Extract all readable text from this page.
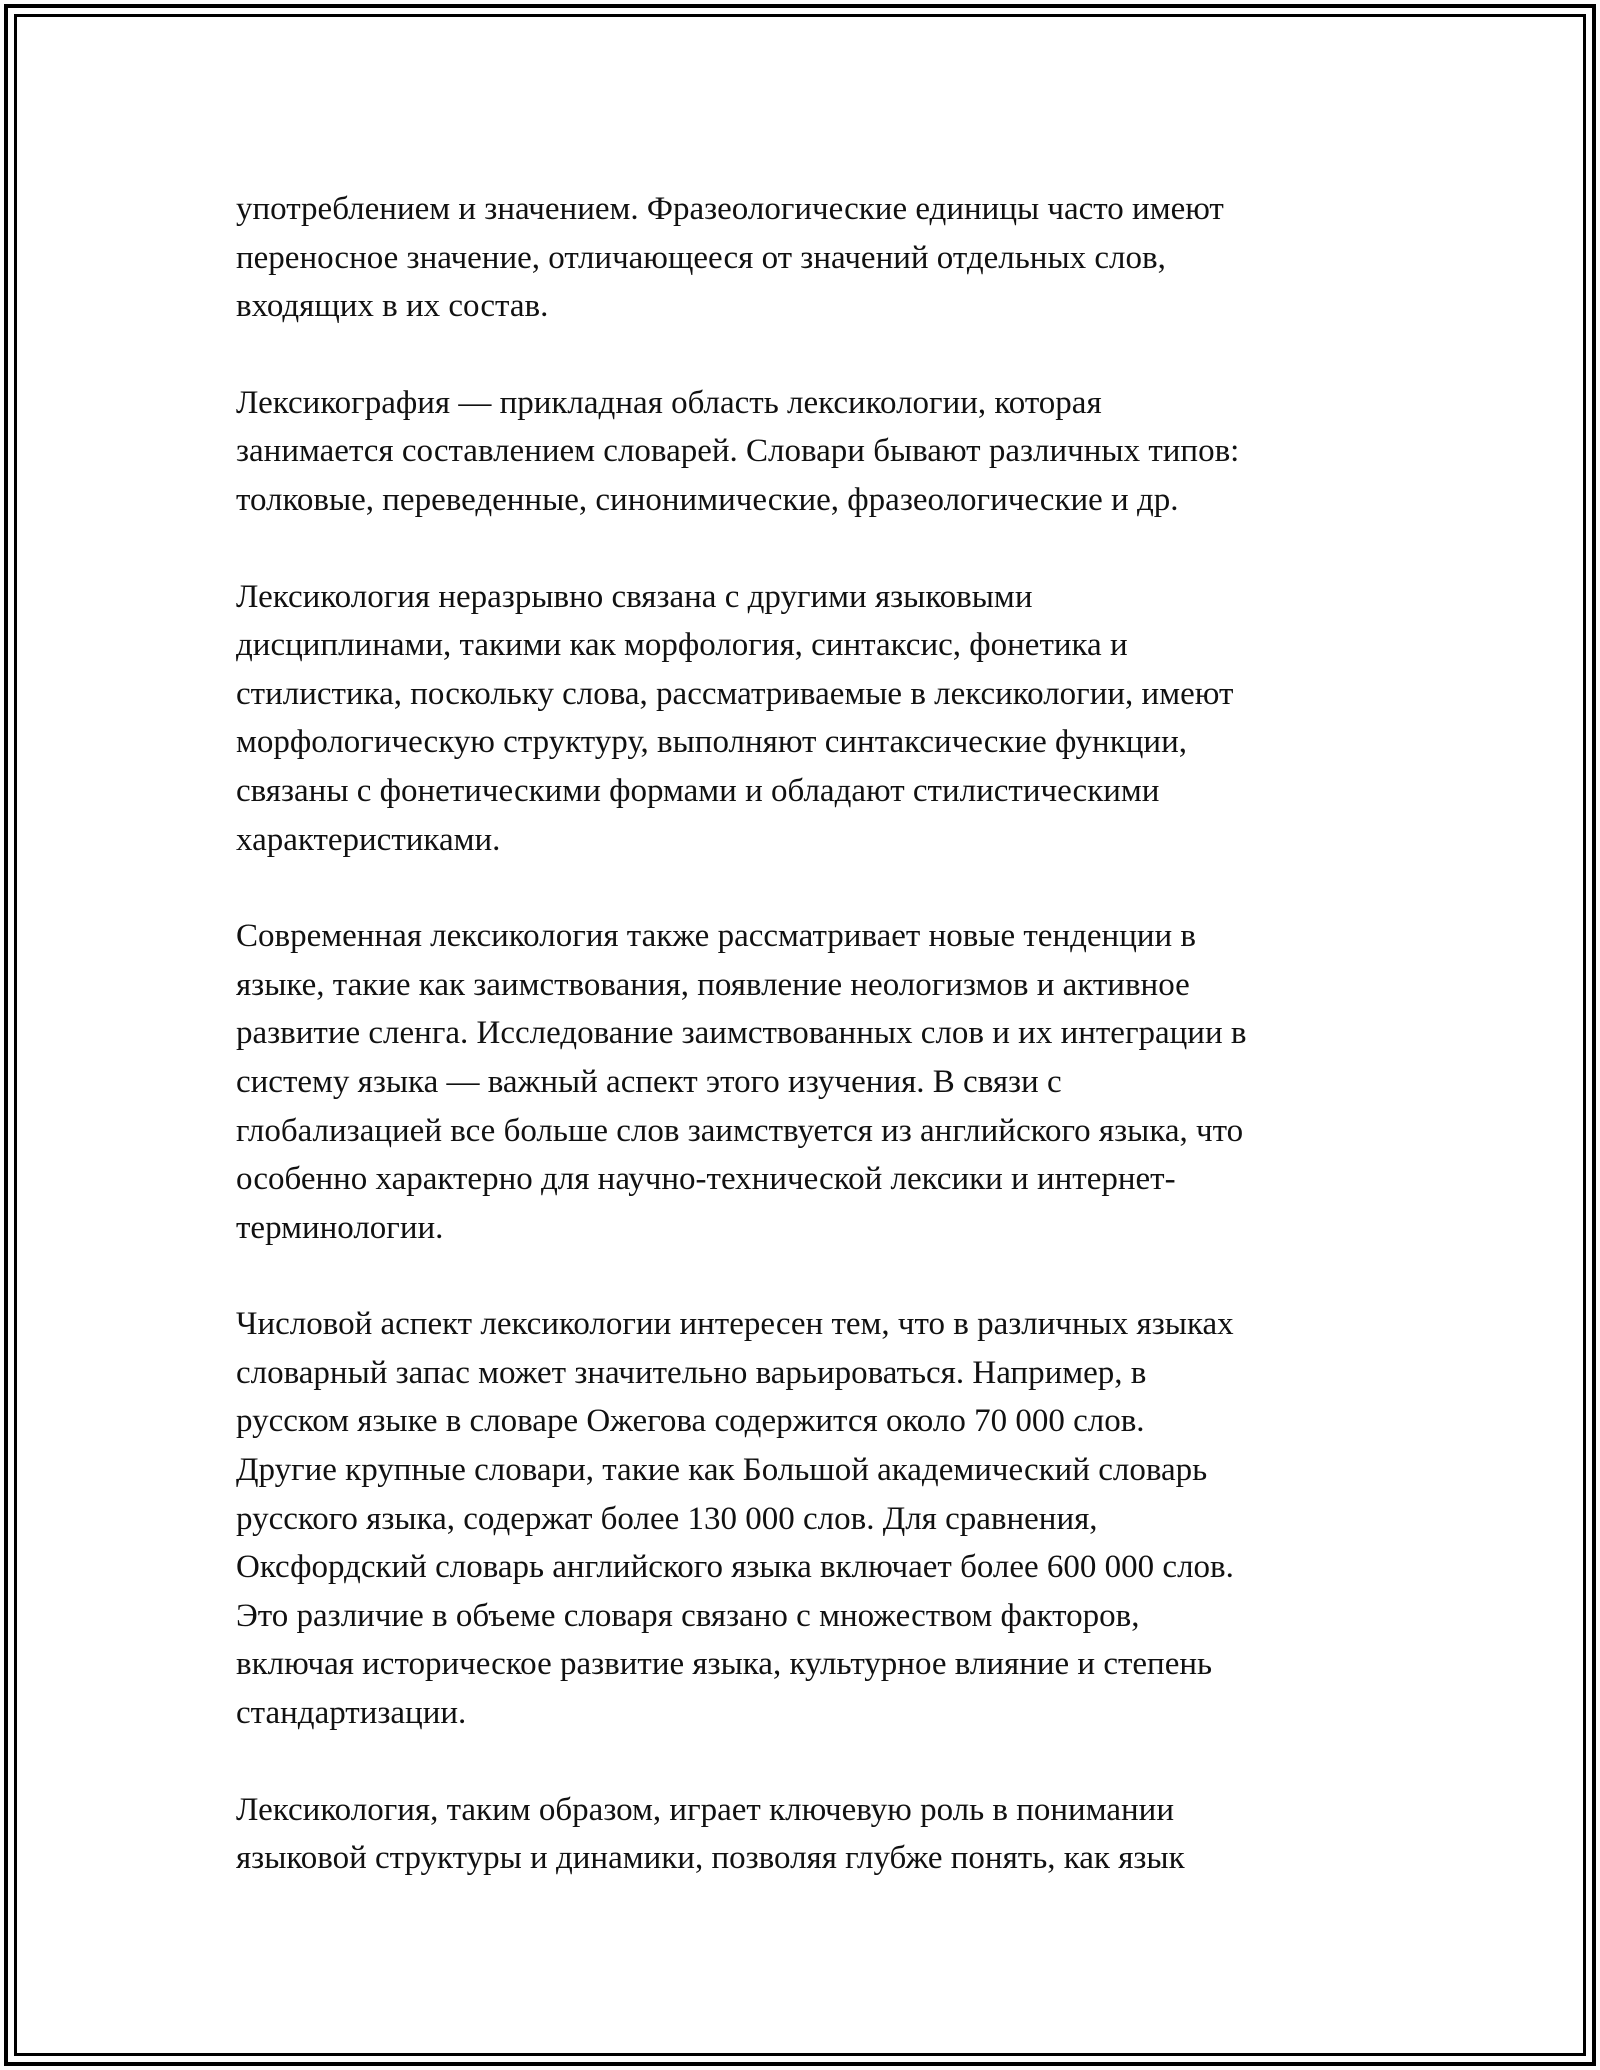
употреблением и значением. Фразеологические единицы часто имеют
переносное значение, отличающееся от значений отдельных слов,
входящих в их состав.

Лексикография — прикладная область лексикологии, которая
занимается составлением словарей. Словари бывают различных типов:
толковые, переведенные, синонимические, фразеологические и др.

Лексикология неразрывно связана с другими языковыми
дисциплинами, такими как морфология, синтаксис, фонетика и
стилистика, поскольку слова, рассматриваемые в лексикологии, имеют
морфологическую структуру, выполняют синтаксические функции,
связаны с фонетическими формами и обладают стилистическими
характеристиками.

Современная лексикология также рассматривает новые тенденции в
языке, такие как заимствования, появление неологизмов и активное
развитие сленга. Исследование заимствованных слов и их интеграции в
систему языка — важный аспект этого изучения. В связи с
глобализацией все больше слов заимствуется из английского языка, что
особенно характерно для научно-технической лексики и интернет-
терминологии.

Числовой аспект лексикологии интересен тем, что в различных языках
словарный запас может значительно варьироваться. Например, в
русском языке в словаре Ожегова содержится около 70 000 слов.
Другие крупные словари, такие как Большой академический словарь
русского языка, содержат более 130 000 слов. Для сравнения,
Оксфордский словарь английского языка включает более 600 000 слов.
Это различие в объеме словаря связано с множеством факторов,
включая историческое развитие языка, культурное влияние и степень
стандартизации.

Лексикология, таким образом, играет ключевую роль в понимании
языковой структуры и динамики, позволяя глубже понять, как язык
